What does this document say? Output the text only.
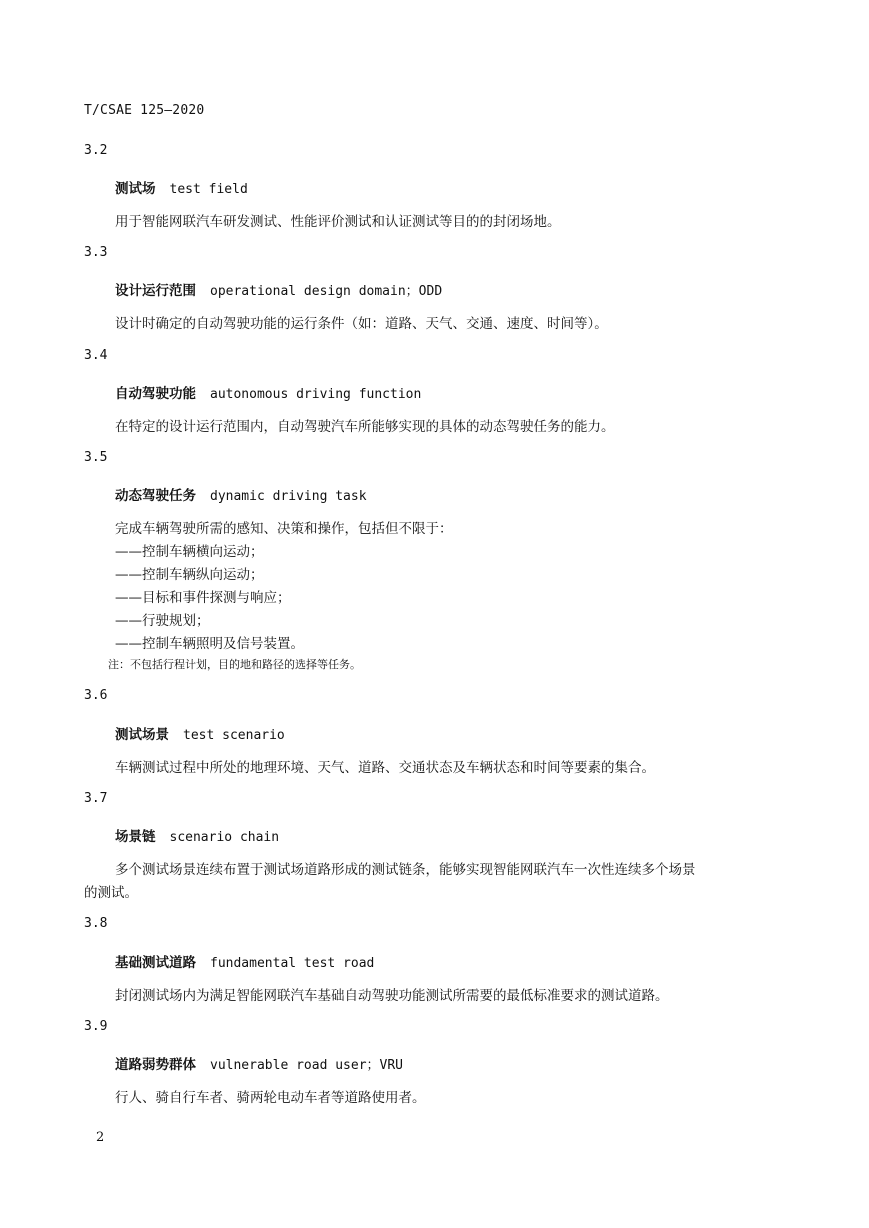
T/CSAE 125—2020
3.2
测试场 test field
用于智能网联汽车研发测试、性能评价测试和认证测试等目的的封闭场地。
3.3
设计运行范围 operational design domain；ODD
设计时确定的自动驾驶功能的运行条件（如：道路、天气、交通、速度、时间等）。
3.4
自动驾驶功能 autonomous driving function
在特定的设计运行范围内，自动驾驶汽车所能够实现的具体的动态驾驶任务的能力。
3.5
动态驾驶任务 dynamic driving task
完成车辆驾驶所需的感知、决策和操作，包括但不限于：
——控制车辆横向运动；
——控制车辆纵向运动；
——目标和事件探测与响应；
——行驶规划；
——控制车辆照明及信号装置。
注：不包括行程计划，目的地和路径的选择等任务。
3.6
测试场景 test scenario
车辆测试过程中所处的地理环境、天气、道路、交通状态及车辆状态和时间等要素的集合。
3.7
场景链 scenario chain
多个测试场景连续布置于测试场道路形成的测试链条，能够实现智能网联汽车一次性连续多个场景
的测试。
3.8
基础测试道路 fundamental test road
封闭测试场内为满足智能网联汽车基础自动驾驶功能测试所需要的最低标准要求的测试道路。
3.9
道路弱势群体 vulnerable road user；VRU
行人、骑自行车者、骑两轮电动车者等道路使用者。
2
